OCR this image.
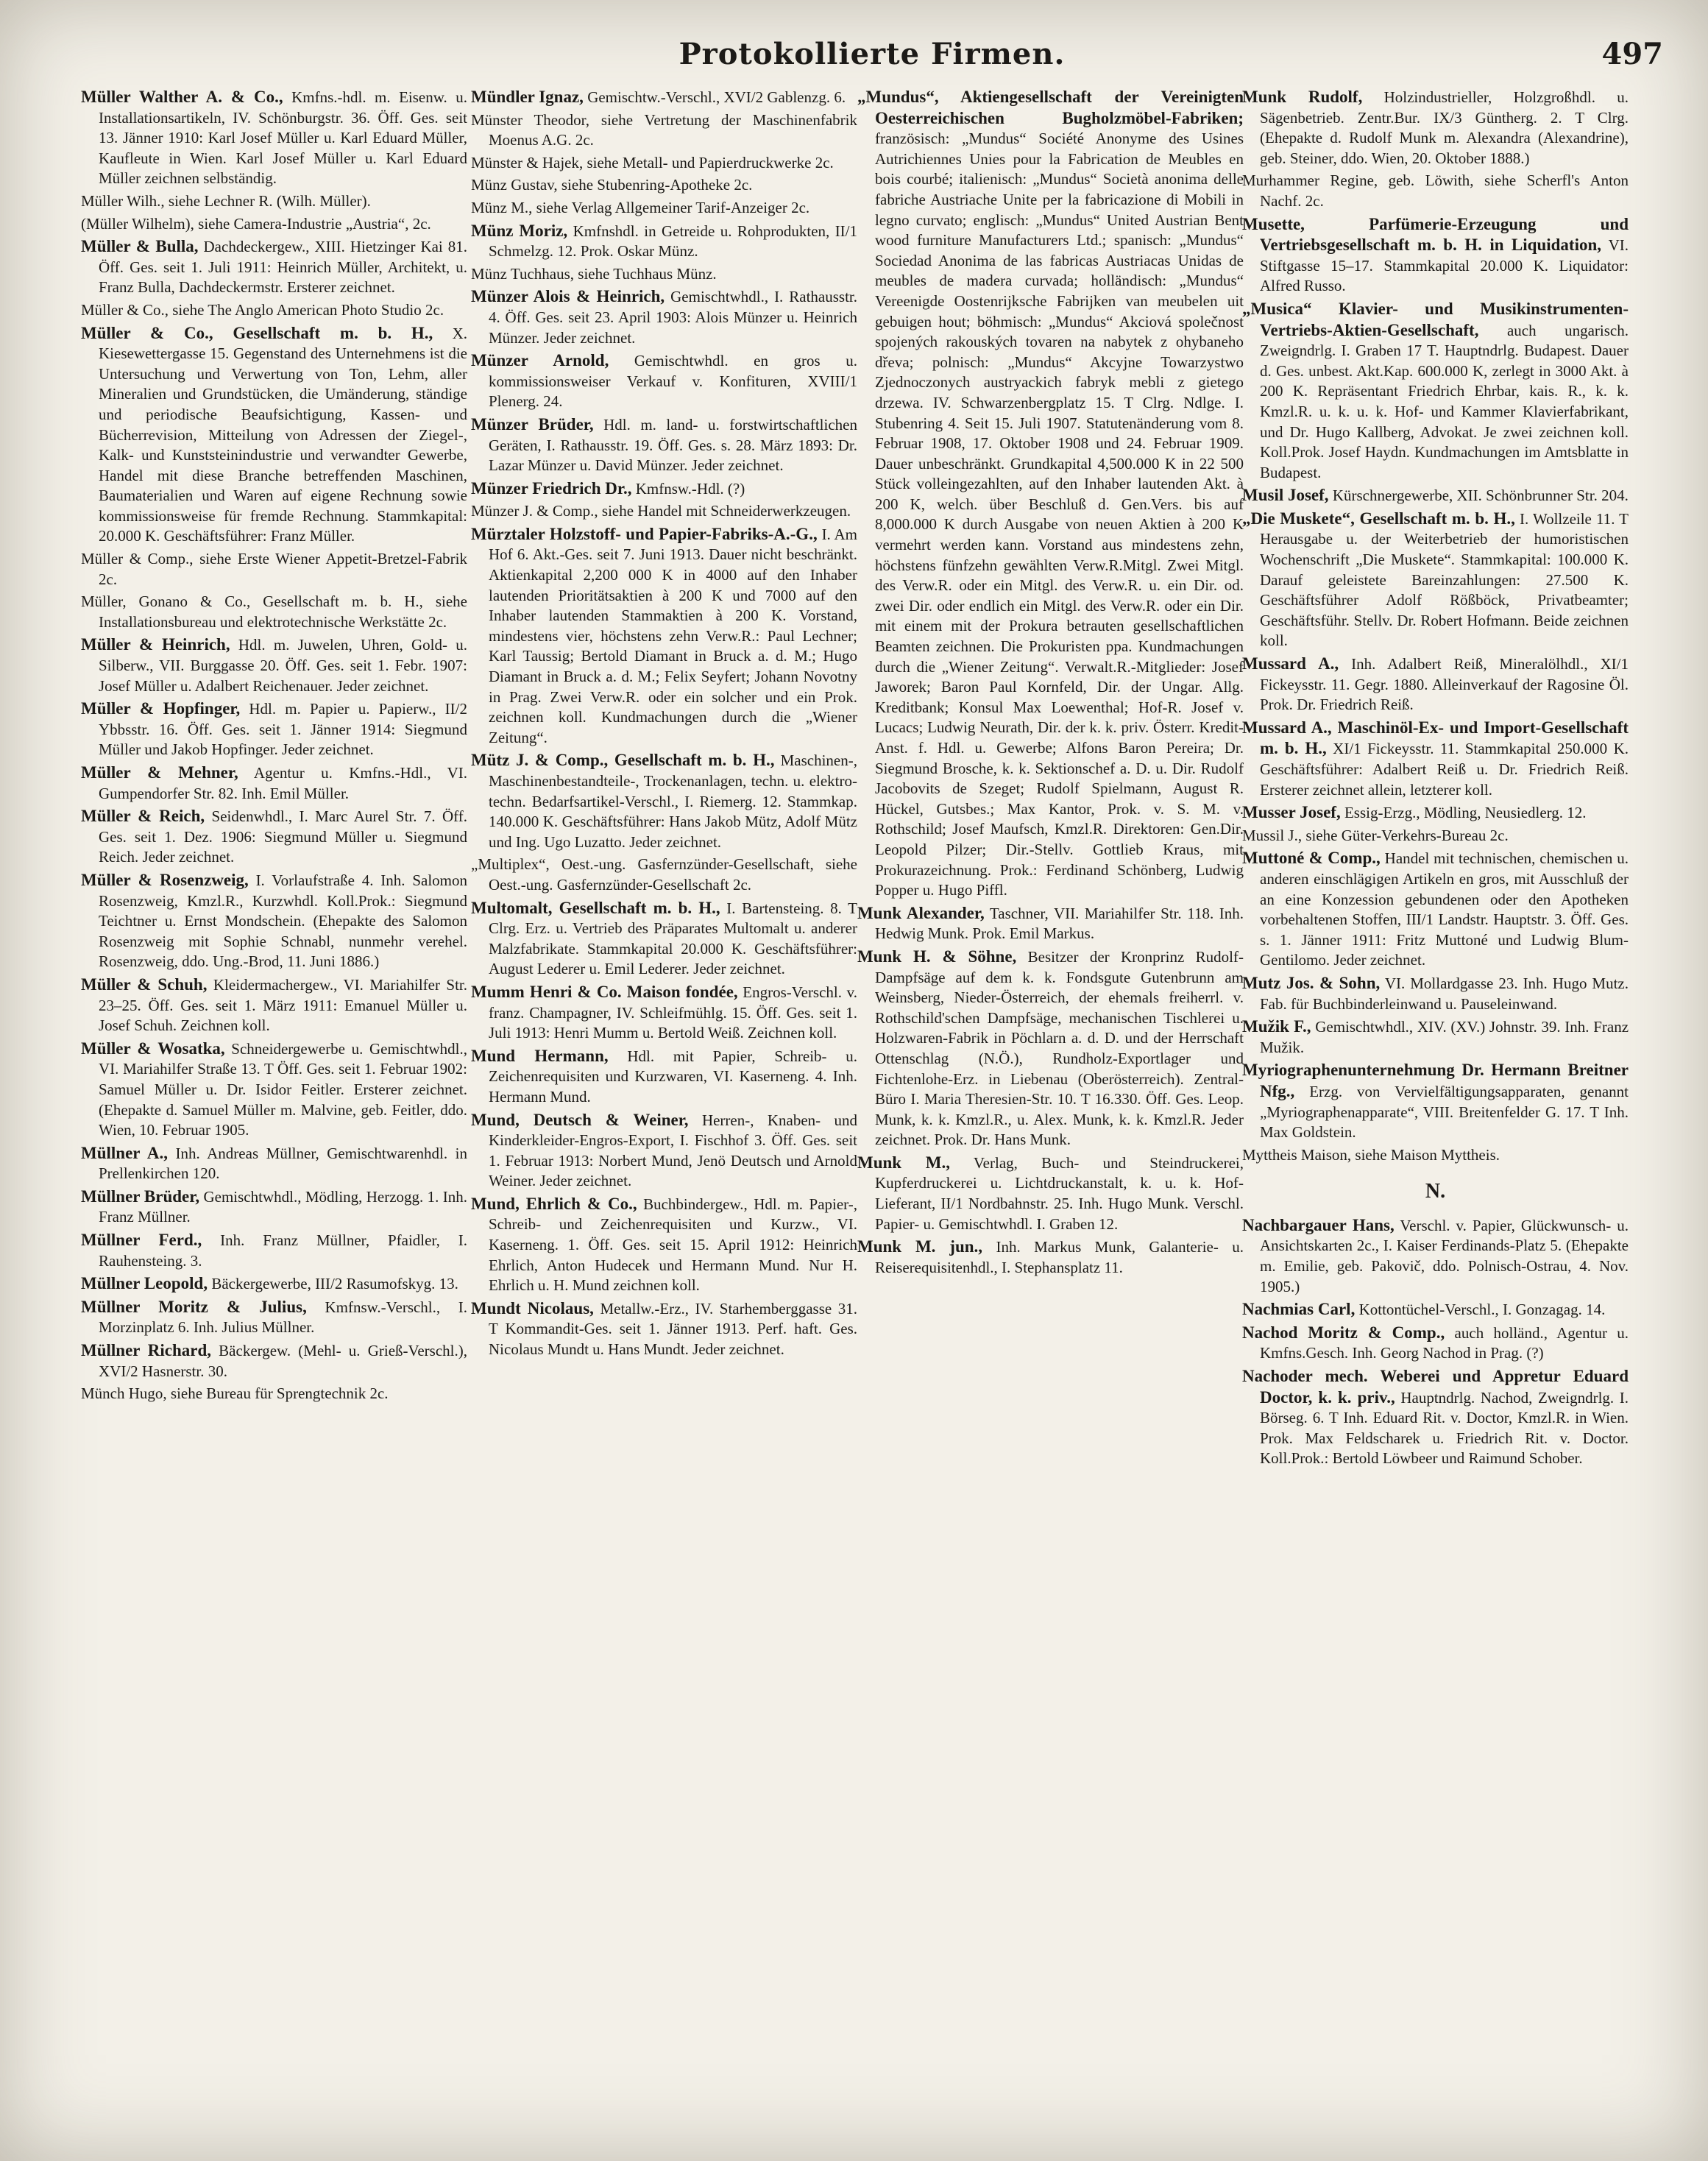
Protokollierte Firmen.	497

Müller Walther A. & Co., Kmfns.-hdl. m. Eisenw. u. Installationsartikeln, IV. Schönburgstr. 36. Öff. Ges. seit 13. Jänner 1910: Karl Josef Müller u. Karl Eduard Müller, Kaufleute in Wien. Karl Josef Müller u. Karl Eduard Müller zeichnen selbständig.

Müller Wilh., siehe Lechner R. (Wilh. Müller).

(Müller Wilhelm), siehe Camera-Industrie „Austria“, 2c.

Müller & Bulla, Dachdeckergew., XIII. Hietzinger Kai 81. Öff. Ges. seit 1. Juli 1911: Heinrich Müller, Architekt, u. Franz Bulla, Dachdeckermstr. Ersterer zeichnet.

Müller & Co., siehe The Anglo American Photo Studio 2c.

Müller & Co., Gesellschaft m. b. H., X. Kiesewettergasse 15. Gegenstand des Unternehmens ist die Untersuchung und Verwertung von Ton, Lehm, aller Mineralien und Grundstücken, die Umänderung, ständige und periodische Beaufsichtigung, Kassen- und Bücherrevision, Mitteilung von Adressen der Ziegel-, Kalk- und Kunststeinindustrie und verwandter Gewerbe, Handel mit diese Branche betreffenden Maschinen, Baumaterialien und Waren auf eigene Rechnung sowie kommissionsweise für fremde Rechnung. Stammkapital: 20.000 K. Geschäftsführer: Franz Müller.

Müller & Comp., siehe Erste Wiener Appetit-Bretzel-Fabrik 2c.

Müller, Gonano & Co., Gesellschaft m. b. H., siehe Installationsbureau und elektrotechnische Werkstätte 2c.

Müller & Heinrich, Hdl. m. Juwelen, Uhren, Gold- u. Silberw., VII. Burggasse 20. Öff. Ges. seit 1. Febr. 1907: Josef Müller u. Adalbert Reichenauer. Jeder zeichnet.

Müller & Hopfinger, Hdl. m. Papier u. Papierw., II/2 Ybbsstr. 16. Öff. Ges. seit 1. Jänner 1914: Siegmund Müller und Jakob Hopfinger. Jeder zeichnet.

Müller & Mehner, Agentur u. Kmfns.-Hdl., VI. Gumpendorfer Str. 82. Inh. Emil Müller.

Müller & Reich, Seidenwhdl., I. Marc Aurel Str. 7. Öff. Ges. seit 1. Dez. 1906: Siegmund Müller u. Siegmund Reich. Jeder zeichnet.

Müller & Rosenzweig, I. Vorlaufstraße 4. Inh. Salomon Rosenzweig, Kmzl.R., Kurzwhdl. Koll.Prok.: Siegmund Teichtner u. Ernst Mondschein. (Ehepakte des Salomon Rosenzweig mit Sophie Schnabl, nunmehr verehel. Rosenzweig, ddo. Ung.-Brod, 11. Juni 1886.)

Müller & Schuh, Kleidermachergew., VI. Mariahilfer Str. 23–25. Öff. Ges. seit 1. März 1911: Emanuel Müller u. Josef Schuh. Zeichnen koll.

Müller & Wosatka, Schneidergewerbe u. Gemischtwhdl., VI. Mariahilfer Straße 13. T Öff. Ges. seit 1. Februar 1902: Samuel Müller u. Dr. Isidor Feitler. Ersterer zeichnet. (Ehepakte d. Samuel Müller m. Malvine, geb. Feitler, ddo. Wien, 10. Februar 1905.

Müllner A., Inh. Andreas Müllner, Gemischtwarenhdl. in Prellenkirchen 120.

Müllner Brüder, Gemischtwhdl., Mödling, Herzogg. 1. Inh. Franz Müllner.

Müllner Ferd., Inh. Franz Müllner, Pfaidler, I. Rauhensteing. 3.

Müllner Leopold, Bäckergewerbe, III/2 Rasumofskyg. 13.

Müllner Moritz & Julius, Kmfnsw.-Verschl., I. Morzinplatz 6. Inh. Julius Müllner.

Müllner Richard, Bäckergew. (Mehl- u. Grieß-Verschl.), XVI/2 Hasnerstr. 30.

Münch Hugo, siehe Bureau für Sprengtechnik 2c.

Mündler Ignaz, Gemischtw.-Verschl., XVI/2 Gablenzg. 6.

Münster Theodor, siehe Vertretung der Maschinenfabrik Moenus A.G. 2c.

Münster & Hajek, siehe Metall- und Papierdruckwerke 2c.

Münz Gustav, siehe Stubenring-Apotheke 2c.

Münz M., siehe Verlag Allgemeiner Tarif-Anzeiger 2c.

Münz Moriz, Kmfnshdl. in Getreide u. Rohprodukten, II/1 Schmelzg. 12. Prok. Oskar Münz.

Münz Tuchhaus, siehe Tuchhaus Münz.

Münzer Alois & Heinrich, Gemischtwhdl., I. Rathausstr. 4. Öff. Ges. seit 23. April 1903: Alois Münzer u. Heinrich Münzer. Jeder zeichnet.

Münzer Arnold, Gemischtwhdl. en gros u. kommissionsweiser Verkauf v. Konfituren, XVIII/1 Plenerg. 24.

Münzer Brüder, Hdl. m. land- u. forstwirtschaftlichen Geräten, I. Rathausstr. 19. Öff. Ges. s. 28. März 1893: Dr. Lazar Münzer u. David Münzer. Jeder zeichnet.

Münzer Friedrich Dr., Kmfnsw.-Hdl. (?)

Münzer J. & Comp., siehe Handel mit Schneiderwerkzeugen.

Mürztaler Holzstoff- und Papier-Fabriks-A.-G., I. Am Hof 6. Akt.-Ges. seit 7. Juni 1913. Dauer nicht beschränkt. Aktienkapital 2,200 000 K in 4000 auf den Inhaber lautenden Prioritätsaktien à 200 K und 7000 auf den Inhaber lautenden Stammaktien à 200 K. Vorstand, mindestens vier, höchstens zehn Verw.R.: Paul Lechner; Karl Taussig; Bertold Diamant in Bruck a. d. M.; Hugo Diamant in Bruck a. d. M.; Felix Seyfert; Johann Novotny in Prag. Zwei Verw.R. oder ein solcher und ein Prok. zeichnen koll. Kundmachungen durch die „Wiener Zeitung“.

Mütz J. & Comp., Gesellschaft m. b. H., Maschinen-, Maschinenbestandteile-, Trockenanlagen, techn. u. elektro-techn. Bedarfsartikel-Verschl., I. Riemerg. 12. Stammkap. 140.000 K. Geschäftsführer: Hans Jakob Mütz, Adolf Mütz und Ing. Ugo Luzatto. Jeder zeichnet.

„Multiplex“, Oest.-ung. Gasfernzünder-Gesellschaft, siehe Oest.-ung. Gasfernzünder-Gesellschaft 2c.

Multomalt, Gesellschaft m. b. H., I. Bartensteing. 8. T Clrg. Erz. u. Vertrieb des Präparates Multomalt u. anderer Malzfabrikate. Stammkapital 20.000 K. Geschäftsführer: August Lederer u. Emil Lederer. Jeder zeichnet.

Mumm Henri & Co. Maison fondée, Engros-Verschl. v. franz. Champagner, IV. Schleifmühlg. 15. Öff. Ges. seit 1. Juli 1913: Henri Mumm u. Bertold Weiß. Zeichnen koll.

Mund Hermann, Hdl. mit Papier, Schreib- u. Zeichenrequisiten und Kurzwaren, VI. Kaserneng. 4. Inh. Hermann Mund.

Mund, Deutsch & Weiner, Herren-, Knaben- und Kinderkleider-Engros-Export, I. Fischhof 3. Öff. Ges. seit 1. Februar 1913: Norbert Mund, Jenö Deutsch und Arnold Weiner. Jeder zeichnet.

Mund, Ehrlich & Co., Buchbindergew., Hdl. m. Papier-, Schreib- und Zeichenrequisiten und Kurzw., VI. Kaserneng. 1. Öff. Ges. seit 15. April 1912: Heinrich Ehrlich, Anton Hudecek und Hermann Mund. Nur H. Ehrlich u. H. Mund zeichnen koll.

Mundt Nicolaus, Metallw.-Erz., IV. Starhemberggasse 31. T Kommandit-Ges. seit 1. Jänner 1913. Perf. haft. Ges. Nicolaus Mundt u. Hans Mundt. Jeder zeichnet.

„Mundus“, Aktiengesellschaft der Vereinigten Oesterreichischen Bugholzmöbel-Fabriken; französisch: „Mundus“ Société Anonyme des Usines Autrichiennes Unies pour la Fabrication de Meubles en bois courbé; italienisch: „Mundus“ Società anonima delle fabriche Austriache Unite per la fabricazione di Mobili in legno curvato; englisch: „Mundus“ United Austrian Bent wood furniture Manufacturers Ltd.; spanisch: „Mundus“ Sociedad Anonima de las fabricas Austriacas Unidas de meubles de madera curvada; holländisch: „Mundus“ Vereenigde Oostenrijksche Fabrijken van meubelen uit gebuigen hout; böhmisch: „Mundus“ Akciová společnost spojených rakouských tovaren na nabytek z ohybaneho dřeva; polnisch: „Mundus“ Akcyjne Towarzystwo Zjednoczonych austryackich fabryk mebli z gietego drzewa. IV. Schwarzenbergplatz 15. T Clrg. Ndlge. I. Stubenring 4. Seit 15. Juli 1907. Statutenänderung vom 8. Februar 1908, 17. Oktober 1908 und 24. Februar 1909. Dauer unbeschränkt. Grundkapital 4,500.000 K in 22 500 Stück volleingezahlten, auf den Inhaber lautenden Akt. à 200 K, welch. über Beschluß d. Gen.Vers. bis auf 8,000.000 K durch Ausgabe von neuen Aktien à 200 K vermehrt werden kann. Vorstand aus mindestens zehn, höchstens fünfzehn gewählten Verw.R.Mitgl. Zwei Mitgl. des Verw.R. oder ein Mitgl. des Verw.R. u. ein Dir. od. zwei Dir. oder endlich ein Mitgl. des Verw.R. oder ein Dir. mit einem mit der Prokura betrauten gesellschaftlichen Beamten zeichnen. Die Prokuristen ppa. Kundmachungen durch die „Wiener Zeitung“. Verwalt.R.-Mitglieder: Josef Jaworek; Baron Paul Kornfeld, Dir. der Ungar. Allg. Kreditbank; Konsul Max Loewenthal; Hof-R. Josef v. Lucacs; Ludwig Neurath, Dir. der k. k. priv. Österr. Kredit-Anst. f. Hdl. u. Gewerbe; Alfons Baron Pereira; Dr. Siegmund Brosche, k. k. Sektionschef a. D. u. Dir. Rudolf Jacobovits de Szeget; Rudolf Spielmann, August R. Hückel, Gutsbes.; Max Kantor, Prok. v. S. M. v. Rothschild; Josef Maufsch, Kmzl.R. Direktoren: Gen.Dir. Leopold Pilzer; Dir.-Stellv. Gottlieb Kraus, mit Prokurazeichnung. Prok.: Ferdinand Schönberg, Ludwig Popper u. Hugo Piffl.

Munk Alexander, Taschner, VII. Mariahilfer Str. 118. Inh. Hedwig Munk. Prok. Emil Markus.

Munk H. & Söhne, Besitzer der Kronprinz Rudolf-Dampfsäge auf dem k. k. Fondsgute Gutenbrunn am Weinsberg, Nieder-Österreich, der ehemals freiherrl. v. Rothschild'schen Dampfsäge, mechanischen Tischlerei u. Holzwaren-Fabrik in Pöchlarn a. d. D. und der Herrschaft Ottenschlag (N.Ö.), Rundholz-Exportlager und Fichtenlohe-Erz. in Liebenau (Oberösterreich). Zentral-Büro I. Maria Theresien-Str. 10. T 16.330. Öff. Ges. Leop. Munk, k. k. Kmzl.R., u. Alex. Munk, k. k. Kmzl.R. Jeder zeichnet. Prok. Dr. Hans Munk.

Munk M., Verlag, Buch- und Steindruckerei, Kupferdruckerei u. Lichtdruckanstalt, k. u. k. Hof-Lieferant, II/1 Nordbahnstr. 25. Inh. Hugo Munk. Verschl. Papier- u. Gemischtwhdl. I. Graben 12.

Munk M. jun., Inh. Markus Munk, Galanterie- u. Reiserequisitenhdl., I. Stephansplatz 11.

Munk Rudolf, Holzindustrieller, Holzgroßhdl. u. Sägenbetrieb. Zentr.Bur. IX/3 Güntherg. 2. T Clrg. (Ehepakte d. Rudolf Munk m. Alexandra (Alexandrine), geb. Steiner, ddo. Wien, 20. Oktober 1888.)

Murhammer Regine, geb. Löwith, siehe Scherfl's Anton Nachf. 2c.

Musette, Parfümerie-Erzeugung und Vertriebsgesellschaft m. b. H. in Liquidation, VI. Stiftgasse 15–17. Stammkapital 20.000 K. Liquidator: Alfred Russo.

„Musica“ Klavier- und Musikinstrumenten-Vertriebs-Aktien-Gesellschaft, auch ungarisch. Zweigndrlg. I. Graben 17 T. Hauptndrlg. Budapest. Dauer d. Ges. unbest. Akt.Kap. 600.000 K, zerlegt in 3000 Akt. à 200 K. Repräsentant Friedrich Ehrbar, kais. R., k. k. Kmzl.R. u. k. u. k. Hof- und Kammer Klavierfabrikant, und Dr. Hugo Kallberg, Advokat. Je zwei zeichnen koll. Koll.Prok. Josef Haydn. Kundmachungen im Amtsblatte in Budapest.

Musil Josef, Kürschnergewerbe, XII. Schönbrunner Str. 204.

„Die Muskete“, Gesellschaft m. b. H., I. Wollzeile 11. T Herausgabe u. der Weiterbetrieb der humoristischen Wochenschrift „Die Muskete“. Stammkapital: 100.000 K. Darauf geleistete Bareinzahlungen: 27.500 K. Geschäftsführer Adolf Rößböck, Privatbeamter; Geschäftsführ. Stellv. Dr. Robert Hofmann. Beide zeichnen koll.

Mussard A., Inh. Adalbert Reiß, Mineralölhdl., XI/1 Fickeysstr. 11. Gegr. 1880. Alleinverkauf der Ragosine Öl. Prok. Dr. Friedrich Reiß.

Mussard A., Maschinöl-Ex- und Import-Gesellschaft m. b. H., XI/1 Fickeysstr. 11. Stammkapital 250.000 K. Geschäftsführer: Adalbert Reiß u. Dr. Friedrich Reiß. Ersterer zeichnet allein, letzterer koll.

Musser Josef, Essig-Erzg., Mödling, Neusiedlerg. 12.

Mussil J., siehe Güter-Verkehrs-Bureau 2c.

Muttoné & Comp., Handel mit technischen, chemischen u. anderen einschlägigen Artikeln en gros, mit Ausschluß der an eine Konzession gebundenen oder den Apotheken vorbehaltenen Stoffen, III/1 Landstr. Hauptstr. 3. Öff. Ges. s. 1. Jänner 1911: Fritz Muttoné und Ludwig Blum-Gentilomo. Jeder zeichnet.

Mutz Jos. & Sohn, VI. Mollardgasse 23. Inh. Hugo Mutz. Fab. für Buchbinderleinwand u. Pauseleinwand.

Mužik F., Gemischtwhdl., XIV. (XV.) Johnstr. 39. Inh. Franz Mužik.

Myriographenunternehmung Dr. Hermann Breitner Nfg., Erzg. von Vervielfältigungsapparaten, genannt „Myriographenapparate“, VIII. Breitenfelder G. 17. T Inh. Max Goldstein.

Myttheis Maison, siehe Maison Myttheis.

N.

Nachbargauer Hans, Verschl. v. Papier, Glückwunsch- u. Ansichtskarten 2c., I. Kaiser Ferdinands-Platz 5. (Ehepakte m. Emilie, geb. Pakovič, ddo. Polnisch-Ostrau, 4. Nov. 1905.)

Nachmias Carl, Kottontüchel-Verschl., I. Gonzagag. 14.

Nachod Moritz & Comp., auch holländ., Agentur u. Kmfns.Gesch. Inh. Georg Nachod in Prag. (?)

Nachoder mech. Weberei und Appretur Eduard Doctor, k. k. priv., Hauptndrlg. Nachod, Zweigndrlg. I. Börseg. 6. T Inh. Eduard Rit. v. Doctor, Kmzl.R. in Wien. Prok. Max Feldscharek u. Friedrich Rit. v. Doctor. Koll.Prok.: Bertold Löwbeer und Raimund Schober.
